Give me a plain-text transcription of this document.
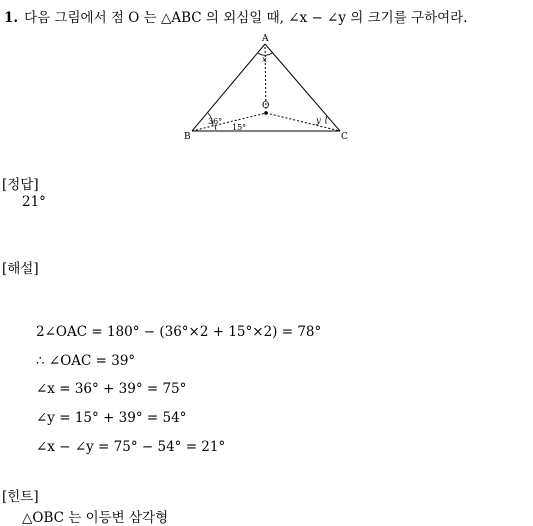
1. 다음 그림에서 점 O 는 △ABC 의 외심일 때, ∠x − ∠y 의 크기를 구하여라.
A
B	C
O
x
y
36°
15°
[정답]
21°
[해설]
2∠OAC = 180° − (36°×2 + 15°×2) = 78°
∴ ∠OAC = 39°
∠x = 36° + 39° = 75°
∠y = 15° + 39° = 54°
∠x − ∠y = 75° − 54° = 21°
[힌트]
△OBC 는 이등변 삼각형
